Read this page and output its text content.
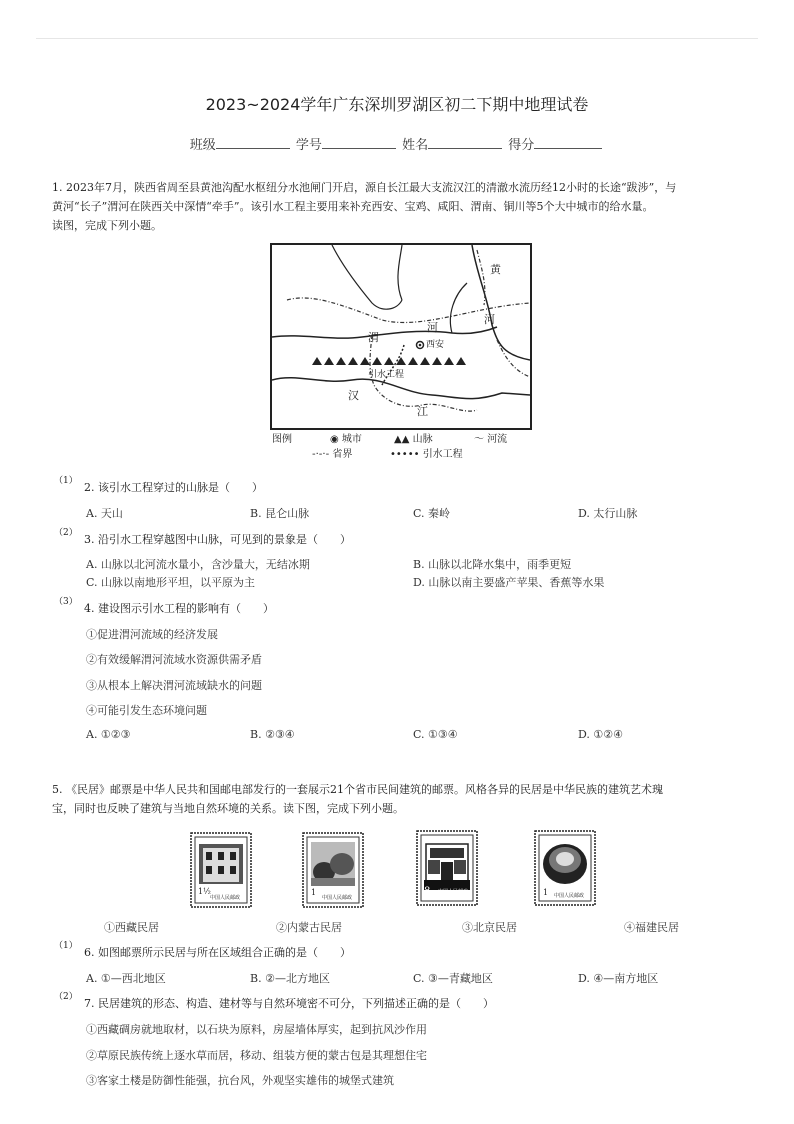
2023~2024学年广东深圳罗湖区初二下期中地理试卷
班级	学号	姓名	得分
1. 2023年7月，陕西省周至县黄池沟配水枢纽分水池闸门开启，源自长江最大支流汉江的清澈水流历经12小时的长途“跋涉”，与
黄河“长子”渭河在陕西关中深情“牵手”。该引水工程主要用来补充西安、宝鸡、咸阳、渭南、铜川等5个大中城市的给水量。
读图，完成下列小题。
黄
河
渭
河
西安
引水工程
汉
江
图例	◉ 城市	▲▲ 山脉	〜 河流
-·-·- 省界	••••• 引水工程
（1） 2. 该引水工程穿过的山脉是（　　）
A. 天山	B. 昆仑山脉	C. 秦岭	D. 太行山脉
（2） 3. 沿引水工程穿越图中山脉，可见到的景象是（　　）
A. 山脉以北河流水量小，含沙量大，无结冰期	B. 山脉以北降水集中，雨季更短
C. 山脉以南地形平坦，以平原为主	D. 山脉以南主要盛产苹果、香蕉等水果
（3） 4. 建设图示引水工程的影响有（　　）
①促进渭河流域的经济发展
②有效缓解渭河流域水资源供需矛盾
③从根本上解决渭河流域缺水的问题
④可能引发生态环境问题
A. ①②③	B. ②③④	C. ①③④	D. ①②④
5. 《民居》邮票是中华人民共和国邮电部发行的一套展示21个省市民间建筑的邮票。风格各异的民居是中华民族的建筑艺术瑰
宝，同时也反映了建筑与当地自然环境的关系。读下图，完成下列小题。
1½
中国人民邮政
1
中国人民邮政
8 中国人民邮政	1 中国人民邮政
①西藏民居	②内蒙古民居	③北京民居	④福建民居
（1） 6. 如图邮票所示民居与所在区域组合正确的是（　　）
A. ①—西北地区	B. ②—北方地区	C. ③—青藏地区	D. ④—南方地区
（2） 7. 民居建筑的形态、构造、建材等与自然环境密不可分，下列描述正确的是（　　）
①西藏碉房就地取材，以石块为原料，房屋墙体厚实，起到抗风沙作用
②草原民族传统上逐水草而居，移动、组装方便的蒙古包是其理想住宅
③客家土楼是防御性能强，抗台风，外观坚实雄伟的城堡式建筑
